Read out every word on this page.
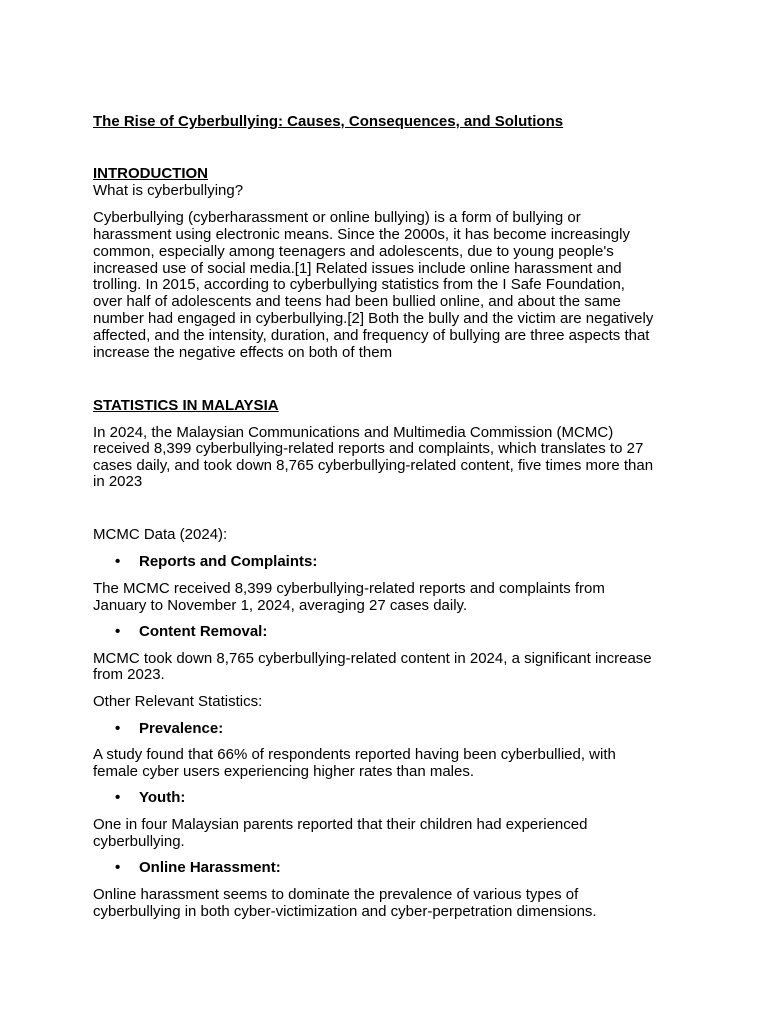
The Rise of Cyberbullying: Causes, Consequences, and Solutions
INTRODUCTION
What is cyberbullying?
Cyberbullying (cyberharassment or online bullying) is a form of bullying or
harassment using electronic means. Since the 2000s, it has become increasingly
common, especially among teenagers and adolescents, due to young people's
increased use of social media.[1] Related issues include online harassment and
trolling. In 2015, according to cyberbullying statistics from the I Safe Foundation,
over half of adolescents and teens had been bullied online, and about the same
number had engaged in cyberbullying.[2] Both the bully and the victim are negatively
affected, and the intensity, duration, and frequency of bullying are three aspects that
increase the negative effects on both of them
STATISTICS IN MALAYSIA
In 2024, the Malaysian Communications and Multimedia Commission (MCMC)
received 8,399 cyberbullying-related reports and complaints, which translates to 27
cases daily, and took down 8,765 cyberbullying-related content, five times more than
in 2023
MCMC Data (2024):
• Reports and Complaints:
The MCMC received 8,399 cyberbullying-related reports and complaints from
January to November 1, 2024, averaging 27 cases daily.
• Content Removal:
MCMC took down 8,765 cyberbullying-related content in 2024, a significant increase
from 2023.
Other Relevant Statistics:
• Prevalence:
A study found that 66% of respondents reported having been cyberbullied, with
female cyber users experiencing higher rates than males.
• Youth:
One in four Malaysian parents reported that their children had experienced
cyberbullying.
• Online Harassment:
Online harassment seems to dominate the prevalence of various types of
cyberbullying in both cyber-victimization and cyber-perpetration dimensions.
